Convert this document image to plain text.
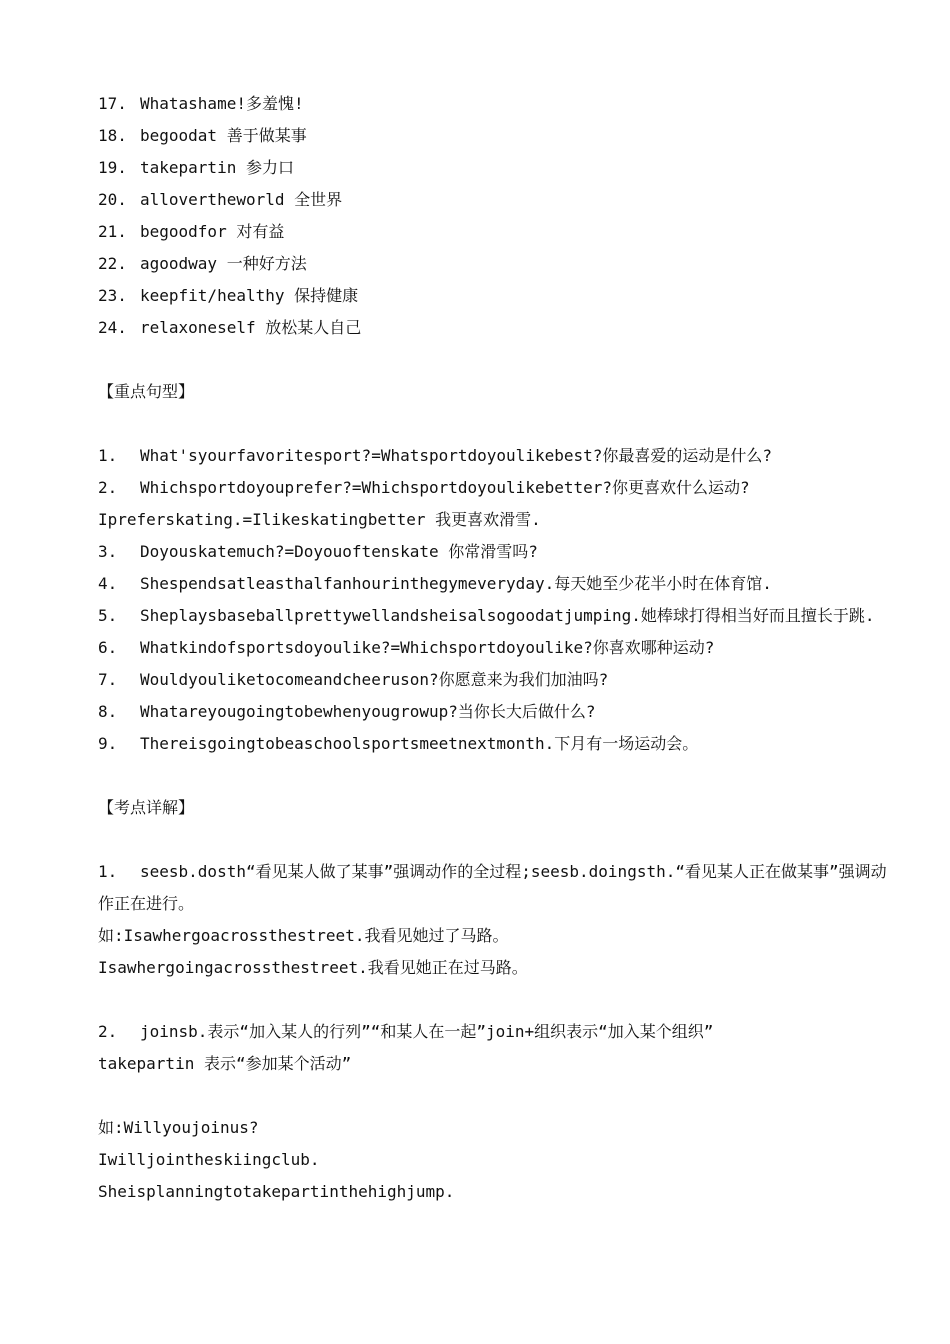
17. Whatashame!多羞愧!
18. begoodat 善于做某事
19. takepartin 参力口
20. allovertheworld 全世界
21. begoodfor 对有益
22. agoodway 一种好方法
23. keepfit/healthy 保持健康
24. relaxoneself 放松某人自己
【重点句型】
1. What'syourfavoritesport?=Whatsportdoyoulikebest?你最喜爱的运动是什么?
2. Whichsportdoyouprefer?=Whichsportdoyoulikebetter?你更喜欢什么运动?
Ipreferskating.=Ilikeskatingbetter 我更喜欢滑雪.
3. Doyouskatemuch?=Doyouoftenskate 你常滑雪吗?
4. Shespendsatleasthalfanhourinthegymeveryday.每天她至少花半小时在体育馆.
5. Sheplaysbaseballprettywellandsheisalsogoodatjumping.她棒球打得相当好而且擅长于跳.
6. Whatkindofsportsdoyoulike?=Whichsportdoyoulike?你喜欢哪种运动?
7. Wouldyouliketocomeandcheeruson?你愿意来为我们加油吗?
8. Whatareyougoingtobewhenyougrowup?当你长大后做什么?
9. Thereisgoingtobeaschoolsportsmeetnextmonth.下月有一场运动会。
【考点详解】
1. seesb.dosth“看见某人做了某事”强调动作的全过程;seesb.doingsth.“看见某人正在做某事”强调动作正在进行。
如:Isawhergoacrossthestreet.我看见她过了马路。
Isawhergoingacrossthestreet.我看见她正在过马路。
2. joinsb.表示“加入某人的行列”“和某人在一起”join+组织表示“加入某个组织”
takepartin 表示“参加某个活动”
如:Willyoujoinus?
Iwilljointheskiingclub.
Sheisplanningtotakepartinthehighjump.
